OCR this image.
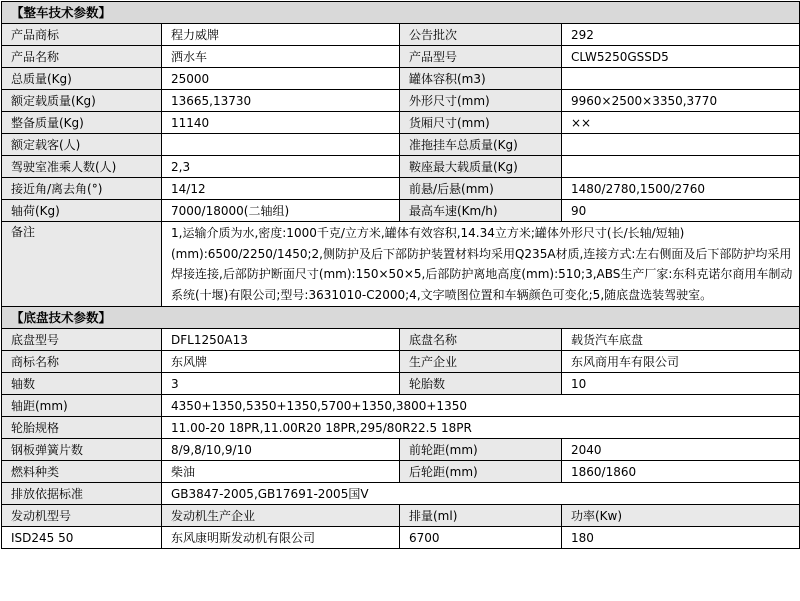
【整车技术参数】			
产品商标	程力威牌	公告批次	292
产品名称	洒水车	产品型号	CLW5250GSSD5
总质量(Kg)	25000	罐体容积(m3)	
额定载质量(Kg)	13665,13730	外形尺寸(mm)	9960×2500×3350,3770
整备质量(Kg)	11140	货厢尺寸(mm)	××
额定载客(人)		准拖挂车总质量(Kg)	
驾驶室准乘人数(人)	2,3	鞍座最大载质量(Kg)	
接近角/离去角(°)	14/12	前悬/后悬(mm)	1480/2780,1500/2760
轴荷(Kg)	7000/18000(二轴组)	最高车速(Km/h)	90
备注	1,运输介质为水,密度:1000千克/立方米,罐体有效容积,14.34立方米;罐体外形尺寸(长/长轴/短轴)(mm):6500/2250/1450;2,侧防护及后下部防护装置材料均采用Q235A材质,连接方式:左右侧面及后下部防护均采用焊接连接,后部防护断面尺寸(mm):150×50×5,后部防护离地高度(mm):510;3,ABS生产厂家:东科克诺尔商用车制动系统(十堰)有限公司;型号:3631010-C2000;4,文字喷图位置和车辆颜色可变化;5,随底盘选装驾驶室。		
【底盘技术参数】			
底盘型号	DFL1250A13	底盘名称	载货汽车底盘
商标名称	东风牌	生产企业	东风商用车有限公司
轴数	3	轮胎数	10
轴距(mm)	4350+1350,5350+1350,5700+1350,3800+1350		
轮胎规格	11.00-20 18PR,11.00R20 18PR,295/80R22.5 18PR		
钢板弹簧片数	8/9,8/10,9/10	前轮距(mm)	2040
燃料种类	柴油	后轮距(mm)	1860/1860
排放依据标准	GB3847-2005,GB17691-2005国Ⅴ		
发动机型号	发动机生产企业	排量(ml)	功率(Kw)
ISD245 50	东风康明斯发动机有限公司	6700	180
